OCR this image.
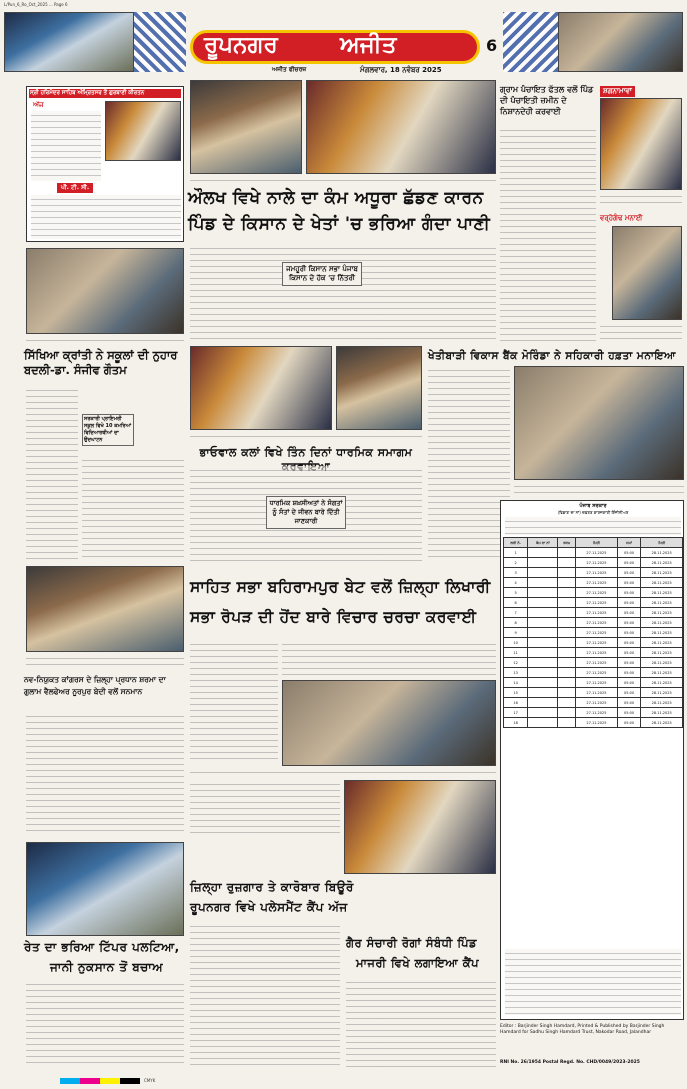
L/Pun_6_Ro_Oct_2025 ... Page 6
ਰੂਪਨਗਰ	ਅਜੀਤ	6
ਅਜੀਤ ਫੀਚਰਜ਼	ਮੰਗਲਵਾਰ, 18 ਨਵੰਬਰ 2025
ਸ੍ਰੀ ਹਰਿਮੰਦਰ ਸਾਹਿਬ ਅੰਮ੍ਰਿਤਸਰ ਤੋਂ ਗੁਰਬਾਣੀ ਕੀਰਤਨ
ਅੱਜ
ਪੀ. ਟੀ. ਸੀ.
ਔਲਖ ਵਿਖੇ ਨਾਲੇ ਦਾ ਕੰਮ ਅਧੂਰਾ ਛੱਡਣ ਕਾਰਨ
ਪਿੰਡ ਦੇ ਕਿਸਾਨ ਦੇ ਖੇਤਾਂ 'ਚ ਭਰਿਆ ਗੰਦਾ ਪਾਣੀ
ਜਮਹੂਰੀ ਕਿਸਾਨ ਸਭਾ ਪੰਜਾਬ ਕਿਸਾਨ ਦੇ ਹੱਕ 'ਚ ਨਿੱਤਰੀ
ਗ੍ਰਾਮ ਪੰਚਾਇਤ ਫੱਤਲ ਵਲੋਂ ਪਿੰਡ ਦੀ ਪੰਚਾਇਤੀ ਜ਼ਮੀਨ ਦੇ ਨਿਸ਼ਾਨਦੇਹੀ ਕਰਵਾਈ
ਸ਼ਗਨਾਮਾਵਾਂ
ਵਰ੍ਹੇਗੰਢ ਮਨਾਈ
ਸਿੱਖਿਆ ਕ੍ਰਾਂਤੀ ਨੇ ਸਕੂਲਾਂ ਦੀ ਨੁਹਾਰ ਬਦਲੀ-ਡਾ. ਸੰਜੀਵ ਗੌਤਮ
ਸਰਕਾਰੀ ਪ੍ਰਾਇਮਰੀ ਸਕੂਲ ਵਿਖੇ 10 ਕਮਰਿਆਂ ਵਿਦਿਆਰਥੀਆਂ ਦਾ ਉਦਘਾਟਨ
ਭਾਓਵਾਲ ਕਲਾਂ ਵਿਖੇ ਤਿੰਨ ਦਿਨਾਂ ਧਾਰਮਿਕ ਸਮਾਗਮ
ਧਾਰਮਿਕ ਸ਼ਖ਼ਸੀਅਤਾਂ ਨੇ ਸੰਗਤਾਂ ਨੂੰ ਸੰਤਾਂ ਦੇ ਜੀਵਨ ਬਾਰੇ ਦਿੱਤੀ ਜਾਣਕਾਰੀ
ਖੇਤੀਬਾੜੀ ਵਿਕਾਸ ਬੈਂਕ ਮੋਰਿੰਡਾ ਨੇ ਸਹਿਕਾਰੀ ਹਫ਼ਤਾ ਮਨਾਇਆ
ਪੰਜਾਬ ਸਰਕਾਰ
(ਵਿਭਾਗ ਦਾ ਨਾਂ) ਦਫ਼ਤਰ ਕਾਰਜਕਾਰੀ ਇੰਜੀਨੀਅਰ
ਲੜੀ ਨੰ.	ਕੰਮ ਦਾ ਨਾਂ	ਰਕਮ	ਮਿਤੀ	ਸਮਾਂ	ਮਿਤੀ
1			27.11.2025	05:00	28.11.2025
2			27.11.2025	05:00	28.11.2025
3			27.11.2025	05:00	28.11.2025
4			27.11.2025	05:00	28.11.2025
5			27.11.2025	05:00	28.11.2025
6			27.11.2025	05:00	28.11.2025
7			27.11.2025	05:00	28.11.2025
8			27.11.2025	05:00	28.11.2025
9			27.11.2025	05:00	28.11.2025
10			27.11.2025	05:00	28.11.2025
11			27.11.2025	05:00	28.11.2025
12			27.11.2025	05:00	28.11.2025
13			27.11.2025	05:00	28.11.2025
14			27.11.2025	05:00	28.11.2025
15			27.11.2025	05:00	28.11.2025
16			27.11.2025	05:00	28.11.2025
17			27.11.2025	05:00	28.11.2025
18			27.11.2025	05:00	28.11.2025
ਨਵ-ਨਿਯੁਕਤ ਕਾਂਗਰਸ ਦੇ ਜ਼ਿਲ੍ਹਾ ਪ੍ਰਧਾਨ ਸ਼ਰਮਾ ਦਾ ਗੁਲਾਮ ਵੈਲਫੇਅਰ ਨੂਰਪੁਰ ਬੇਦੀ ਵਲੋਂ ਸਨਮਾਨ
ਸਾਹਿਤ ਸਭਾ ਬਹਿਰਾਮਪੁਰ ਬੇਟ ਵਲੋਂ ਜ਼ਿਲ੍ਹਾ ਲਿਖਾਰੀ
ਸਭਾ ਰੋਪੜ ਦੀ ਹੋਂਦ ਬਾਰੇ ਵਿਚਾਰ ਚਰਚਾ ਕਰਵਾਈ
ਰੇਤ ਦਾ ਭਰਿਆ ਟਿੱਪਰ ਪਲਟਿਆ,
ਜਾਨੀ ਨੁਕਸਾਨ ਤੋਂ ਬਚਾਅ
ਜ਼ਿਲ੍ਹਾ ਰੁਜ਼ਗਾਰ ਤੇ ਕਾਰੋਬਾਰ ਬਿਊਰੋ
ਰੂਪਨਗਰ ਵਿਖੇ ਪਲੇਸਮੈਂਟ ਕੈਂਪ ਅੱਜ
ਗੈਰ ਸੰਚਾਰੀ ਰੋਗਾਂ ਸੰਬੰਧੀ ਪਿੰਡ
ਮਾਜਰੀ ਵਿਖੇ ਲਗਾਇਆ ਕੈਂਪ
Editor : Barjinder Singh Hamdard, Printed & Published by Barjinder Singh Hamdard for Sadhu Singh Hamdard Trust, Nakodar Road, Jalandhar
RNI No. 26/1954 Postal Regd. No. CHD/0049/2023-2025
CMYK
